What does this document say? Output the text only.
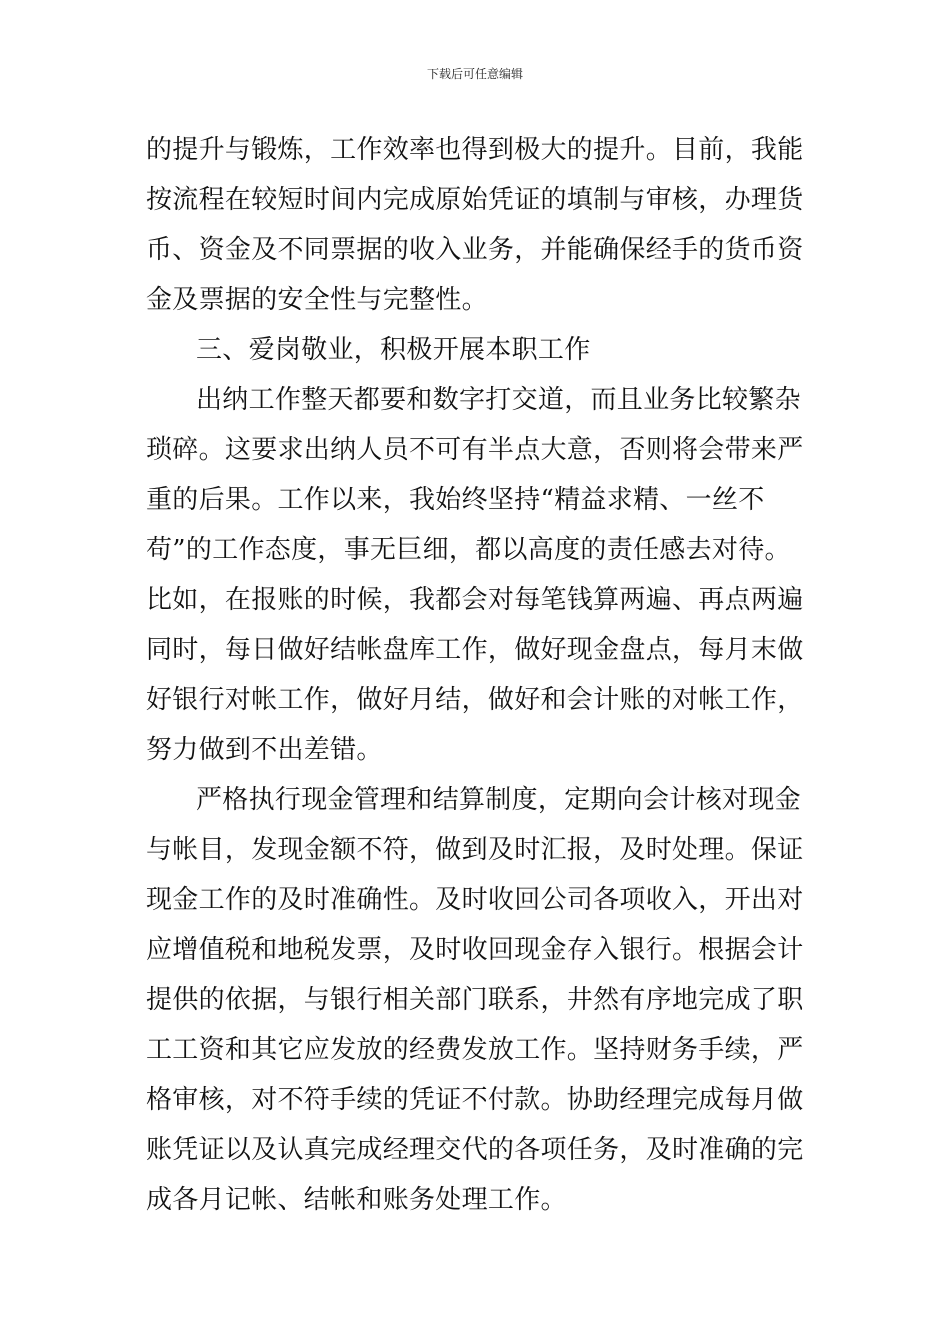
下载后可任意编辑
的提升与锻炼，工作效率也得到极大的提升。目前，我能
按流程在较短时间内完成原始凭证的填制与审核，办理货
币、资金及不同票据的收入业务，并能确保经手的货币资
金及票据的安全性与完整性。
三、爱岗敬业，积极开展本职工作
出纳工作整天都要和数字打交道，而且业务比较繁杂
琐碎。这要求出纳人员不可有半点大意，否则将会带来严
重的后果。工作以来，我始终坚持“精益求精、一丝不
苟”的工作态度，事无巨细，都以高度的责任感去对待。
比如，在报账的时候，我都会对每笔钱算两遍、再点两遍
同时，每日做好结帐盘库工作，做好现金盘点，每月末做
好银行对帐工作，做好月结，做好和会计账的对帐工作，
努力做到不出差错。
严格执行现金管理和结算制度，定期向会计核对现金
与帐目，发现金额不符，做到及时汇报，及时处理。保证
现金工作的及时准确性。及时收回公司各项收入，开出对
应增值税和地税发票，及时收回现金存入银行。根据会计
提供的依据，与银行相关部门联系，井然有序地完成了职
工工资和其它应发放的经费发放工作。坚持财务手续，严
格审核，对不符手续的凭证不付款。协助经理完成每月做
账凭证以及认真完成经理交代的各项任务，及时准确的完
成各月记帐、结帐和账务处理工作。
